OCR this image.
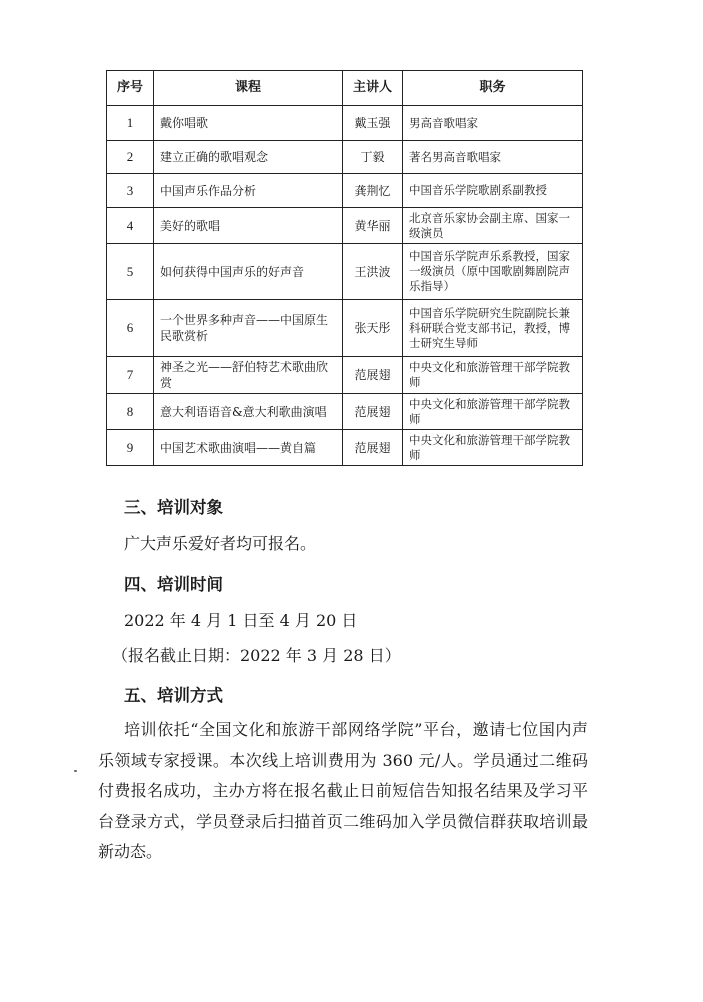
序号	课程	主讲人	职务
1	戴你唱歌	戴玉强	男高音歌唱家
2	建立正确的歌唱观念	丁毅	著名男高音歌唱家
3	中国声乐作品分析	龚荆忆	中国音乐学院歌剧系副教授
4	美好的歌唱	黄华丽	北京音乐家协会副主席、国家一级演员
5	如何获得中国声乐的好声音	王洪波	中国音乐学院声乐系教授，国家一级演员（原中国歌剧舞剧院声乐指导）
6	一个世界多种声音——中国原生民歌赏析	张天彤	中国音乐学院研究生院副院长兼科研联合党支部书记，教授，博士研究生导师
7	神圣之光——舒伯特艺术歌曲欣赏	范展翅	中央文化和旅游管理干部学院教师
8	意大利语语音&意大利歌曲演唱	范展翅	中央文化和旅游管理干部学院教师
9	中国艺术歌曲演唱——黄自篇	范展翅	中央文化和旅游管理干部学院教师
三、培训对象
广大声乐爱好者均可报名。
四、培训时间
2022 年 4 月 1 日至 4 月 20 日
（报名截止日期：2022 年 3 月 28 日）
五、培训方式
培训依托“全国文化和旅游干部网络学院”平台，邀请七位国内声乐领域专家授课。本次线上培训费用为 360 元/人。学员通过二维码付费报名成功，主办方将在报名截止日前短信告知报名结果及学习平台登录方式，学员登录后扫描首页二维码加入学员微信群获取培训最新动态。
